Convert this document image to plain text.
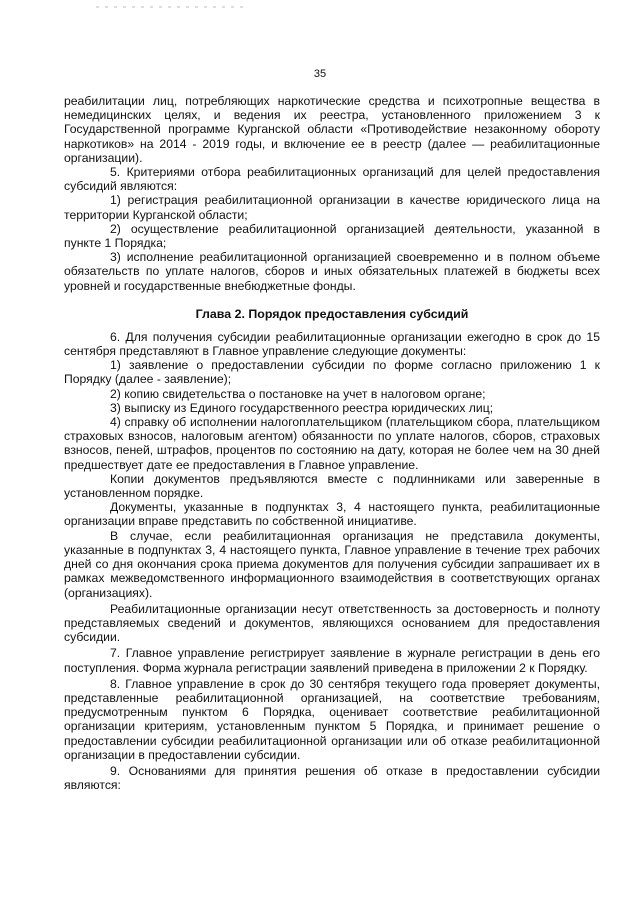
35

реабилитации лиц, потребляющих наркотические средства и психотропные вещества в немедицинских целях, и ведения их реестра, установленного приложением 3 к Государственной программе Курганской области «Противодействие незаконному обороту наркотиков» на 2014 - 2019 годы, и включение ее в реестр (далее — реабилитационные организации).

5. Критериями отбора реабилитационных организаций для целей предоставления субсидий являются:

1) регистрация реабилитационной организации в качестве юридического лица на территории Курганской области;

2) осуществление реабилитационной организацией деятельности, указанной в пункте 1 Порядка;

3) исполнение реабилитационной организацией своевременно и в полном объеме обязательств по уплате налогов, сборов и иных обязательных платежей в бюджеты всех уровней и государственные внебюджетные фонды.

Глава 2. Порядок предоставления субсидий

6. Для получения субсидии реабилитационные организации ежегодно в срок до 15 сентября представляют в Главное управление следующие документы:

1) заявление о предоставлении субсидии по форме согласно приложению 1 к Порядку (далее - заявление);

2) копию свидетельства о постановке на учет в налоговом органе;

3) выписку из Единого государственного реестра юридических лиц;

4) справку об исполнении налогоплательщиком (плательщиком сбора, плательщиком страховых взносов, налоговым агентом) обязанности по уплате налогов, сборов, страховых взносов, пеней, штрафов, процентов по состоянию на дату, которая не более чем на 30 дней предшествует дате ее предоставления в Главное управление.

Копии документов предъявляются вместе с подлинниками или заверенные в установленном порядке.

Документы, указанные в подпунктах 3, 4 настоящего пункта, реабилитационные организации вправе представить по собственной инициативе.

В случае, если реабилитационная организация не представила документы, указанные в подпунктах 3, 4 настоящего пункта, Главное управление в течение трех рабочих дней со дня окончания срока приема документов для получения субсидии запрашивает их в рамках межведомственного информационного взаимодействия в соответствующих органах (организациях).

Реабилитационные организации несут ответственность за достоверность и полноту представляемых сведений и документов, являющихся основанием для предоставления субсидии.

7. Главное управление регистрирует заявление в журнале регистрации в день его поступления. Форма журнала регистрации заявлений приведена в приложении 2 к Порядку.

8. Главное управление в срок до 30 сентября текущего года проверяет документы, представленные реабилитационной организацией, на соответствие требованиям, предусмотренным пунктом 6 Порядка, оценивает соответствие реабилитационной организации критериям, установленным пунктом 5 Порядка, и принимает решение о предоставлении субсидии реабилитационной организации или об отказе реабилитационной организации в предоставлении субсидии.

9. Основаниями для принятия решения об отказе в предоставлении субсидии являются:
